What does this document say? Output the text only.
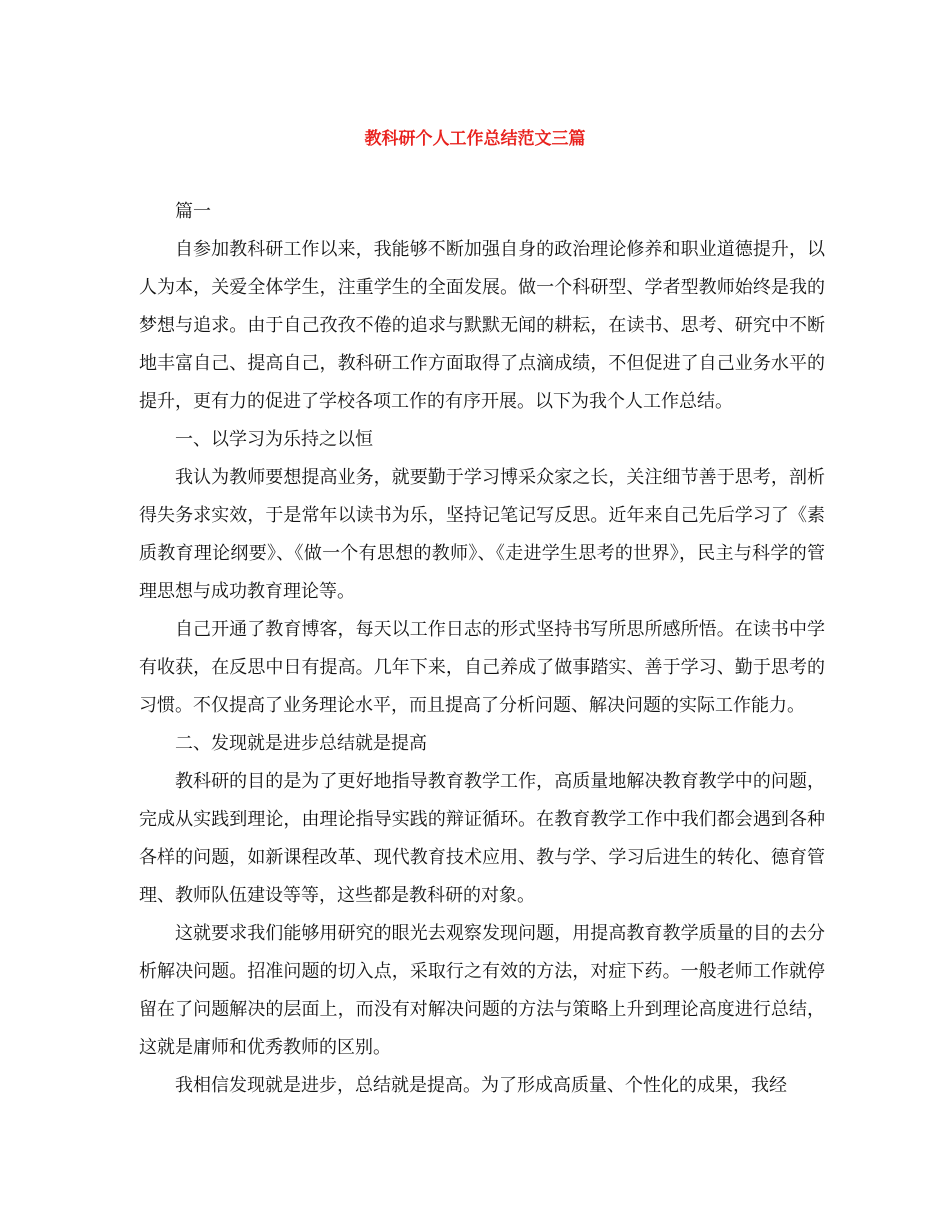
教科研个人工作总结范文三篇

篇一

自参加教科研工作以来，我能够不断加强自身的政治理论修养和职业道德提升，以人为本，关爱全体学生，注重学生的全面发展。做一个科研型、学者型教师始终是我的梦想与追求。由于自己孜孜不倦的追求与默默无闻的耕耘，在读书、思考、研究中不断地丰富自己、提高自己，教科研工作方面取得了点滴成绩，不但促进了自己业务水平的提升，更有力的促进了学校各项工作的有序开展。以下为我个人工作总结。

一、以学习为乐持之以恒

我认为教师要想提高业务，就要勤于学习博采众家之长，关注细节善于思考，剖析得失务求实效，于是常年以读书为乐，坚持记笔记写反思。近年来自己先后学习了《素质教育理论纲要》、《做一个有思想的教师》、《走进学生思考的世界》，民主与科学的管理思想与成功教育理论等。

自己开通了教育博客，每天以工作日志的形式坚持书写所思所感所悟。在读书中学有收获，在反思中日有提高。几年下来，自己养成了做事踏实、善于学习、勤于思考的习惯。不仅提高了业务理论水平，而且提高了分析问题、解决问题的实际工作能力。

二、发现就是进步总结就是提高

教科研的目的是为了更好地指导教育教学工作，高质量地解决教育教学中的问题，完成从实践到理论，由理论指导实践的辩证循环。在教育教学工作中我们都会遇到各种各样的问题，如新课程改革、现代教育技术应用、教与学、学习后进生的转化、德育管理、教师队伍建设等等，这些都是教科研的对象。

这就要求我们能够用研究的眼光去观察发现问题，用提高教育教学质量的目的去分析解决问题。招准问题的切入点，采取行之有效的方法，对症下药。一般老师工作就停留在了问题解决的层面上，而没有对解决问题的方法与策略上升到理论高度进行总结，这就是庸师和优秀教师的区别。

我相信发现就是进步，总结就是提高。为了形成高质量、个性化的成果，我经
